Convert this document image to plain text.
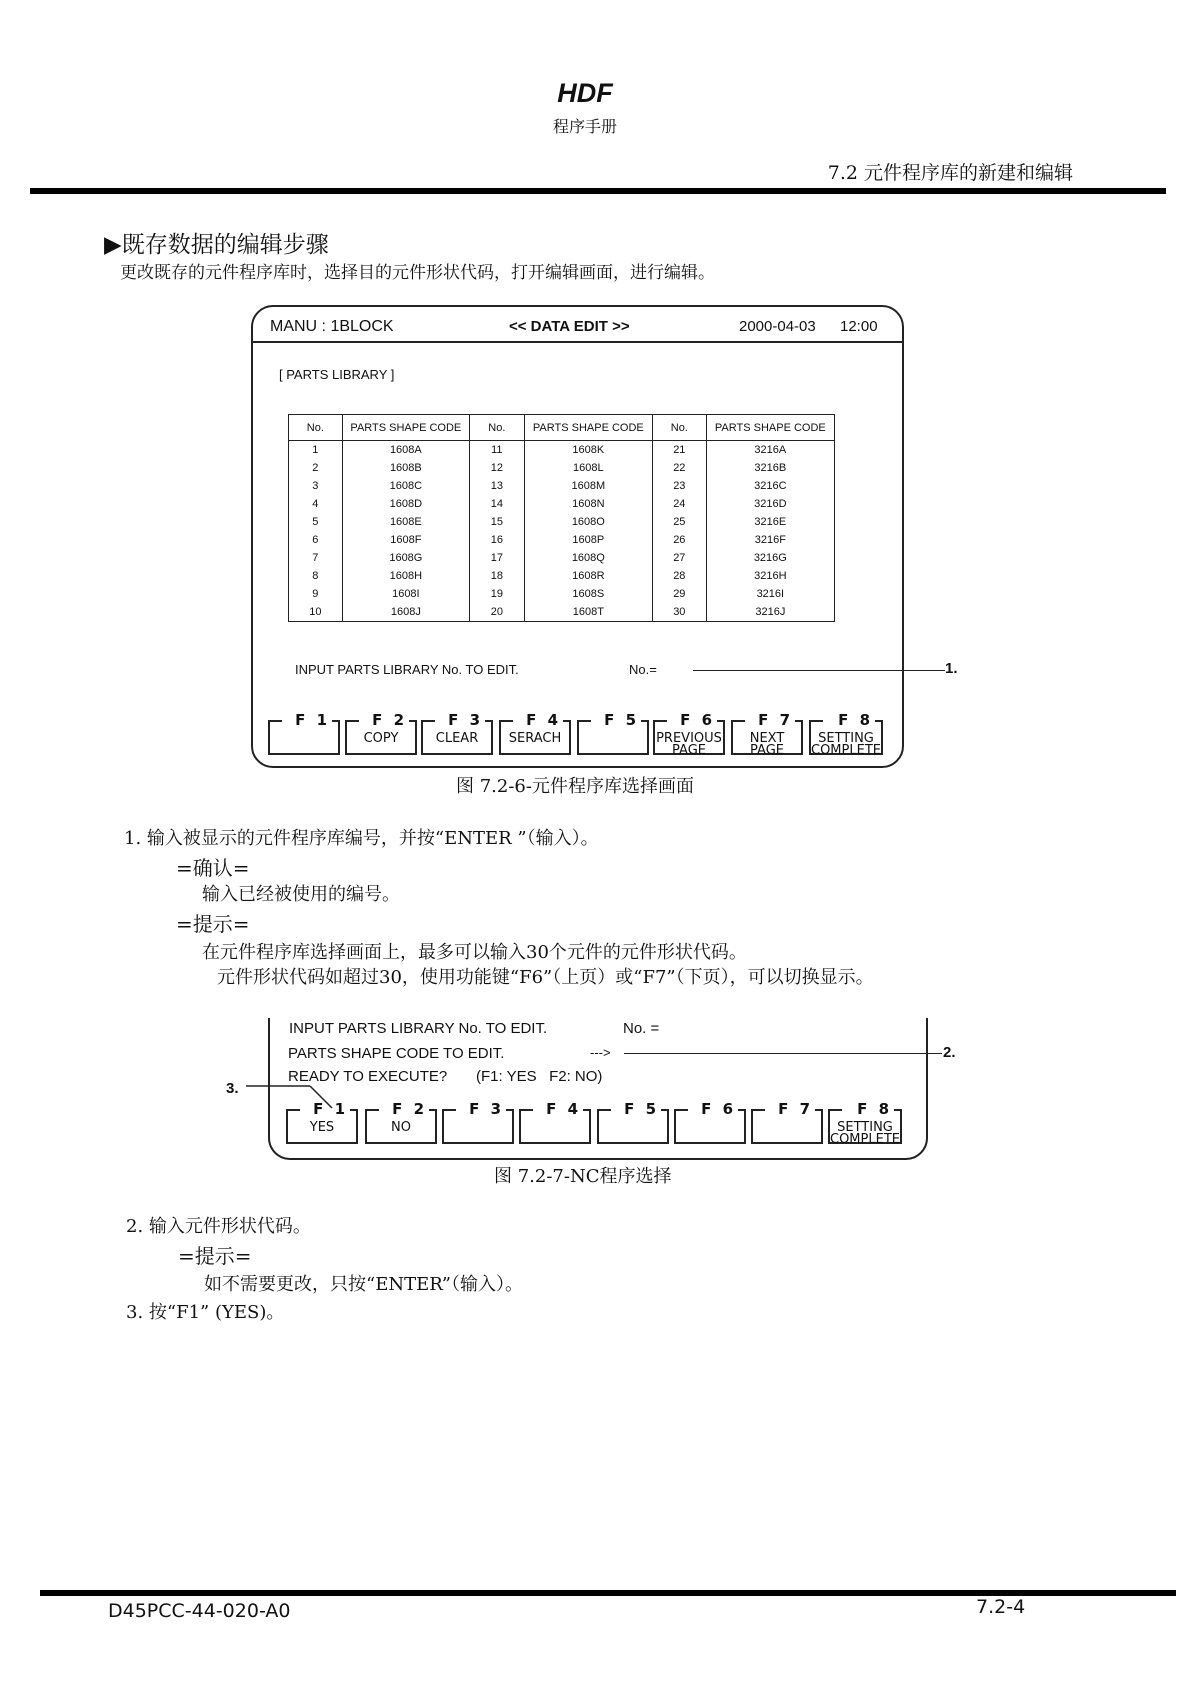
HDF
程序手册
7.2 元件程序库的新建和编辑
▶既存数据的编辑步骤
更改既存的元件程序库时，选择目的元件形状代码，打开编辑画面，进行编辑。
MANU : 1BLOCK	<< DATA EDIT >>	2000-04-03 12:00
[ PARTS LIBRARY ]
No.	PARTS SHAPE CODE	No.	PARTS SHAPE CODE	No.	PARTS SHAPE CODE
1	1608A	11	1608K	21	3216A
2	1608B	12	1608L	22	3216B
3	1608C	13	1608M	23	3216C
4	1608D	14	1608N	24	3216D
5	1608E	15	1608O	25	3216E
6	1608F	16	1608P	26	3216F
7	1608G	17	1608Q	27	3216G
8	1608H	18	1608R	28	3216H
9	1608I	19	1608S	29	3216I
10	1608J	20	1608T	30	3216J
INPUT PARTS LIBRARY No. TO EDIT.	No.=	1.
F 1	F 2
COPY
F 3
CLEAR
F 4
SERACH
F 5	F 6
PREVIOUS PAGE
F 7
NEXT PAGE
F 8
SETTING COMPLETE
图 7.2-6-元件程序库选择画面
1. 输入被显示的元件程序库编号，并按“ENTER ”（输入）。
=确认=
输入已经被使用的编号。
=提示=
在元件程序库选择画面上，最多可以输入30个元件的元件形状代码。
元件形状代码如超过30，使用功能键“F6”（上页）或“F7”（下页），可以切换显示。
INPUT PARTS LIBRARY No. TO EDIT.	No. =
PARTS SHAPE CODE TO EDIT.	--->
READY TO EXECUTE? (F1: YES   F2: NO)
F 1
YES
F 2
NO
F 3	F 4	F 5	F 6	F 7	F 8
SETTING COMPLETE
2.
3.
图 7.2-7-NC程序选择
2. 输入元件形状代码。
=提示=
如不需要更改，只按“ENTER”（输入）。
3. 按“F1” (YES)。
D45PCC-44-020-A0	7.2-4
